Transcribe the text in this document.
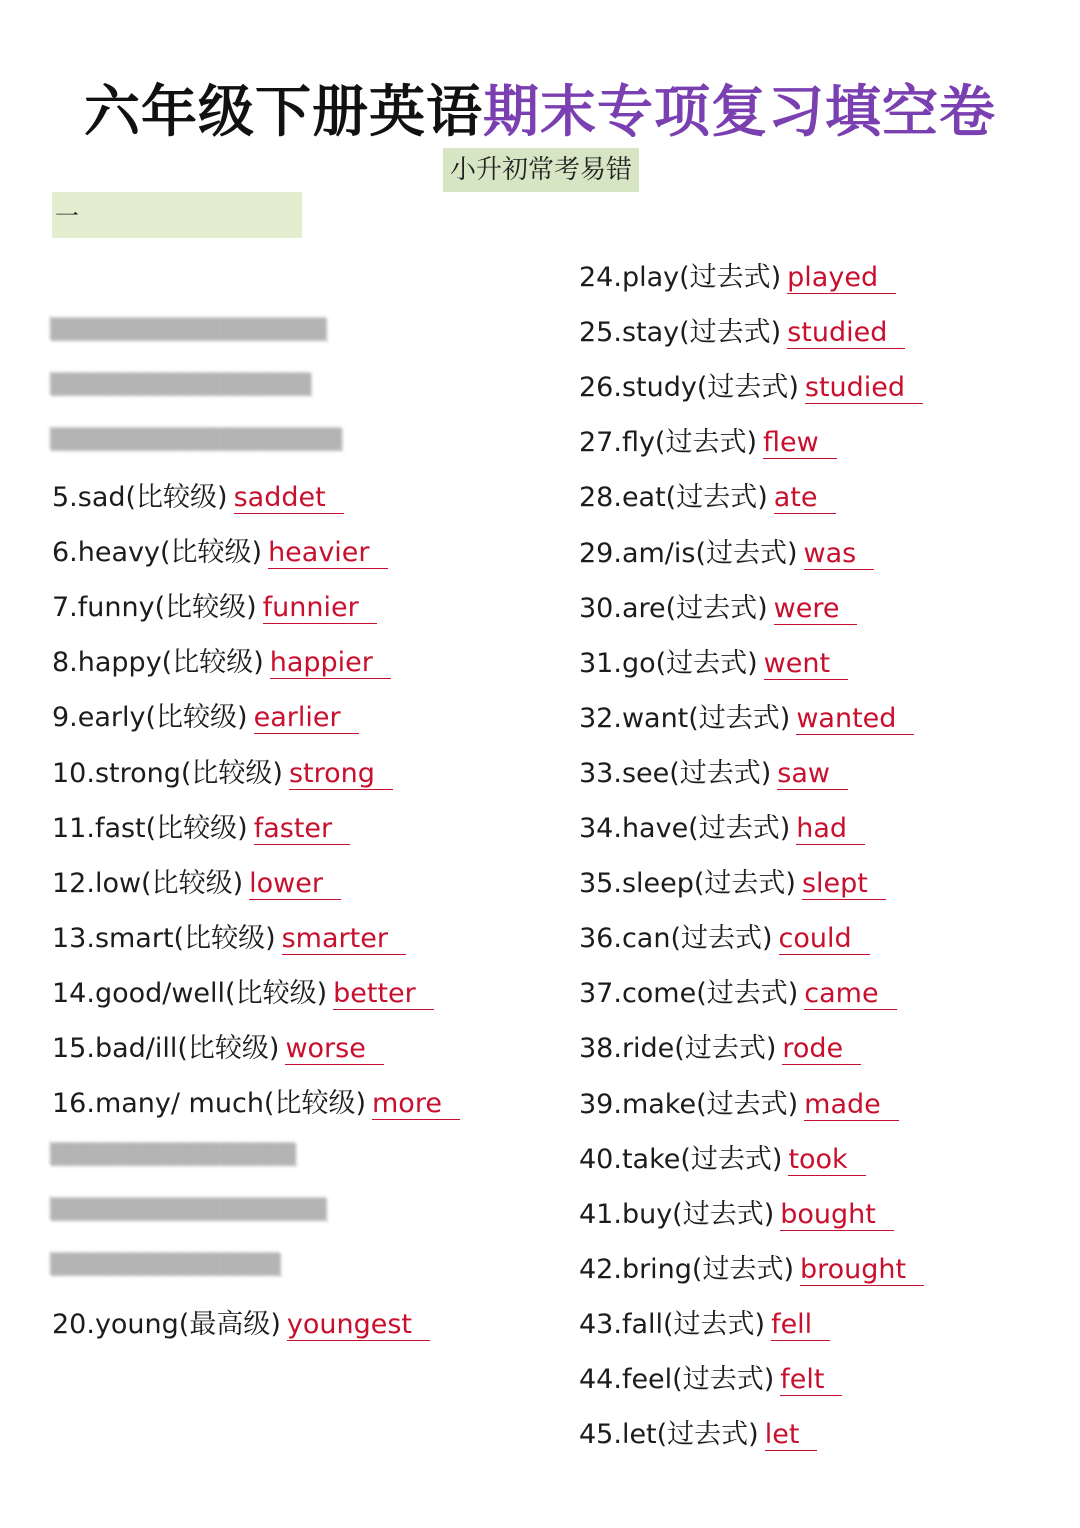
六年级下册英语期末专项复习填空卷
小升初常考易错
一
▒▒▒▒▒▒▒▒▒▒▒▒▒▒▒▒▒▒
▒▒▒▒▒▒▒▒▒▒▒▒▒▒▒▒▒
▒▒▒▒▒▒▒▒▒▒▒▒▒▒▒▒▒▒▒
▒▒▒▒▒▒▒▒▒▒▒▒▒▒▒▒
▒▒▒▒▒▒▒▒▒▒▒▒▒▒▒▒▒▒
▒▒▒▒▒▒▒▒▒▒▒▒▒▒▒
5.sad(比较级) saddet
6.heavy(比较级) heavier
7.funny(比较级) funnier
8.happy(比较级) happier
9.early(比较级) earlier
10.strong(比较级) strong
11.fast(比较级) faster
12.low(比较级) lower
13.smart(比较级) smarter
14.good/well(比较级) better
15.bad/ill(比较级) worse
16.many/ much(比较级) more
20.young(最高级) youngest
24.play(过去式) played
25.stay(过去式) studied
26.study(过去式) studied
27.fly(过去式) flew
28.eat(过去式) ate
29.am/is(过去式) was
30.are(过去式) were
31.go(过去式) went
32.want(过去式) wanted
33.see(过去式) saw
34.have(过去式) had
35.sleep(过去式) slept
36.can(过去式) could
37.come(过去式) came
38.ride(过去式) rode
39.make(过去式) made
40.take(过去式) took
41.buy(过去式) bought
42.bring(过去式) brought
43.fall(过去式) fell
44.feel(过去式) felt
45.let(过去式) let
